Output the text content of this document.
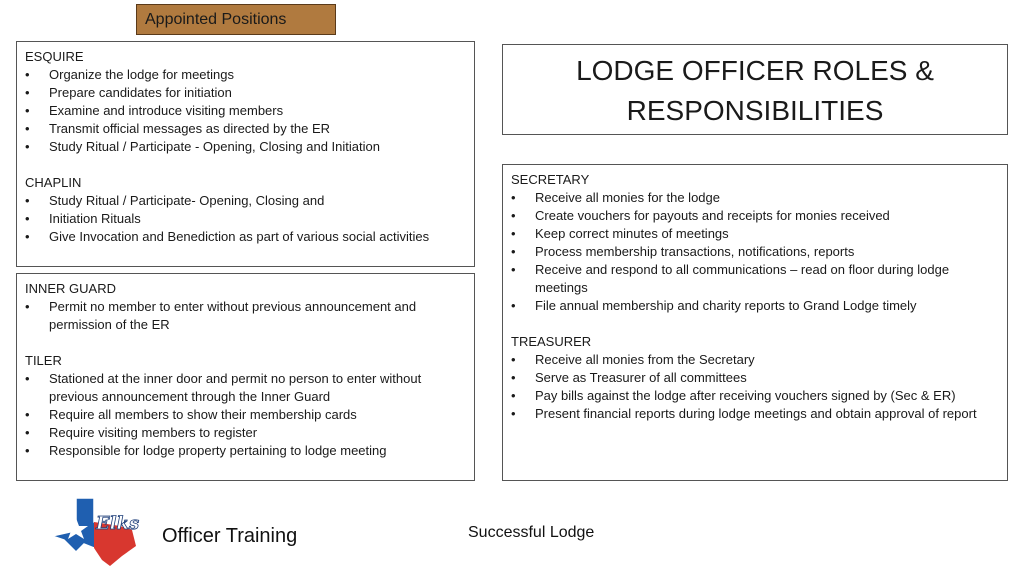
Appointed Positions
ESQUIRE
• Organize the lodge for meetings
• Prepare candidates for initiation
• Examine and introduce visiting members
• Transmit official messages as directed by the ER
• Study Ritual / Participate - Opening, Closing and Initiation
CHAPLIN
• Study Ritual / Participate- Opening, Closing and
• Initiation Rituals
• Give Invocation and Benediction as part of various social activities
INNER GUARD
• Permit no member to enter without previous announcement and permission of the ER
TILER
• Stationed at the inner door and permit no person to enter without previous announcement through the Inner Guard
• Require all members to show their membership cards
• Require visiting members to register
• Responsible for lodge property pertaining to lodge meeting
LODGE OFFICER ROLES &
RESPONSIBILITIES
SECRETARY
• Receive all monies for the lodge
• Create vouchers for payouts and receipts for monies received
• Keep correct minutes of meetings
• Process membership transactions, notifications, reports
• Receive and respond to all communications – read on floor during lodge meetings
• File annual membership and charity reports to Grand Lodge timely
TREASURER
• Receive all monies from the Secretary
• Serve as Treasurer of all committees
• Pay bills against the lodge after receiving vouchers signed by (Sec & ER)
• Present financial reports during lodge meetings and obtain approval of report
Elks
Officer Training	Successful Lodge
